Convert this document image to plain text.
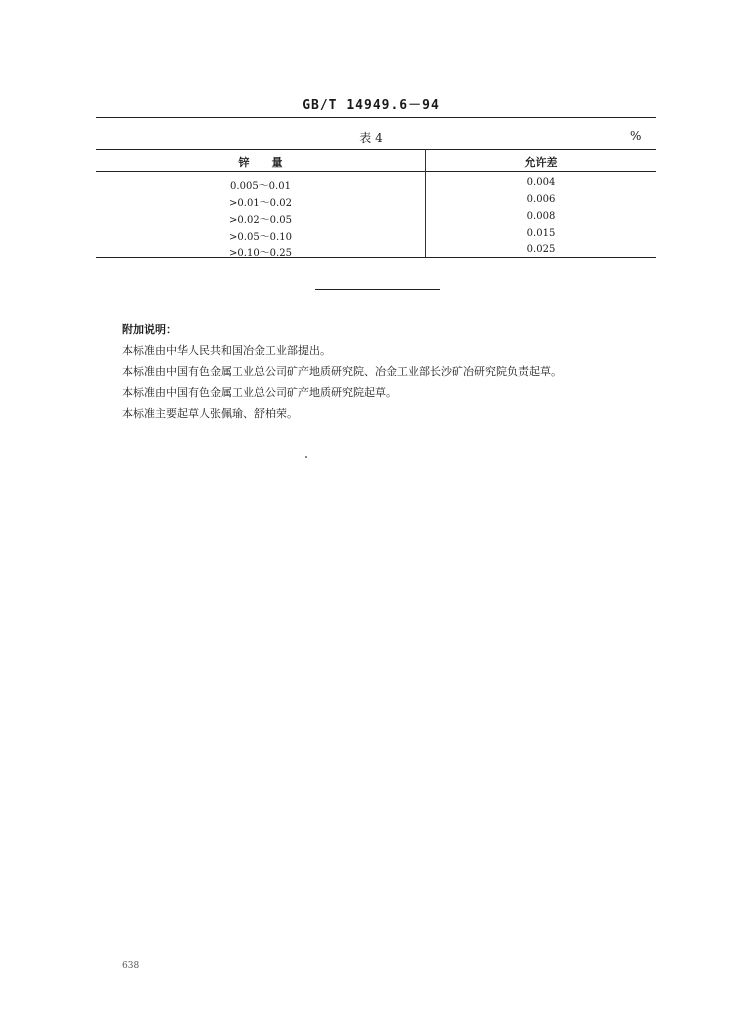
GB/T 14949.6－94
表 4	%
锌　　量	允许差
0.005～0.01	0.004
>0.01～0.02	0.006
>0.02～0.05	0.008
>0.05～0.10	0.015
>0.10～0.25	0.025
附加说明：
本标准由中华人民共和国冶金工业部提出。
本标准由中国有色金属工业总公司矿产地质研究院、冶金工业部长沙矿冶研究院负责起草。
本标准由中国有色金属工业总公司矿产地质研究院起草。
本标准主要起草人张佩瑜、舒柏荣。
638
